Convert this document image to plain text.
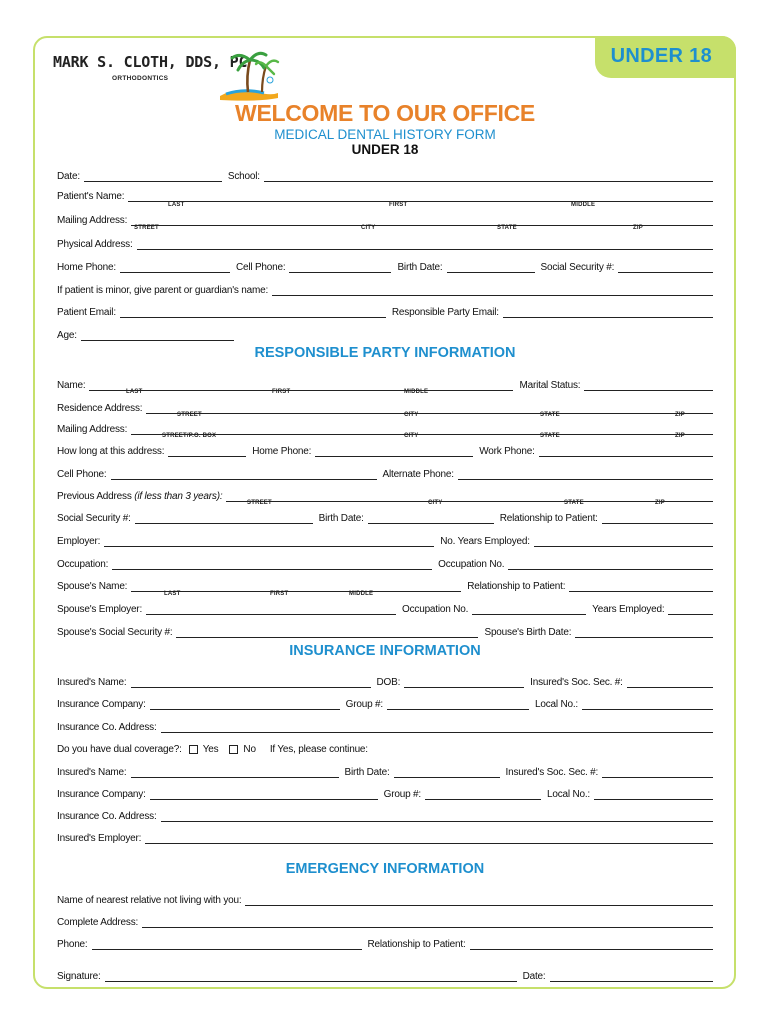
UNDER 18
MARK S. CLOTH, DDS, PC
ORTHODONTICS
WELCOME TO OUR OFFICE
MEDICAL DENTAL HISTORY FORM
UNDER 18
Date:	School:
Patient's Name:
LAST	FIRST	MIDDLE
Mailing Address:
STREET	CITY	STATE	ZIP
Physical Address:
Home Phone:	Cell Phone:	Birth Date:	Social Security #:
If patient is minor, give parent or guardian's name:
Patient Email:	Responsible Party Email:
Age:
RESPONSIBLE PARTY INFORMATION
Name:	Marital Status:
LAST	FIRST	MIDDLE
Residence Address:
STREET	CITY	STATE	ZIP
Mailing Address:
STREET/P.O. BOX	CITY	STATE	ZIP
How long at this address:	Home Phone:	Work Phone:
Cell Phone:	Alternate Phone:
Previous Address (if less than 3 years):
STREET	CITY	STATE	ZIP
Social Security #:	Birth Date:	Relationship to Patient:
Employer:	No. Years Employed:
Occupation:	Occupation No.
Spouse's Name:	Relationship to Patient:
LAST	FIRST	MIDDLE
Spouse's Employer:	Occupation No.	Years Employed:
Spouse's Social Security #:	Spouse's Birth Date:
INSURANCE INFORMATION
Insured's Name:	DOB:	Insured's Soc. Sec. #:
Insurance Company:	Group #:	Local No.:
Insurance Co. Address:
Do you have dual coverage?:	Yes	No	If Yes, please continue:
Insured's Name:	Birth Date:	Insured's Soc. Sec. #:
Insurance Company:	Group #:	Local No.:
Insurance Co. Address:
Insured's Employer:
EMERGENCY INFORMATION
Name of nearest relative not living with you:
Complete Address:
Phone:	Relationship to Patient:
Signature:	Date:
